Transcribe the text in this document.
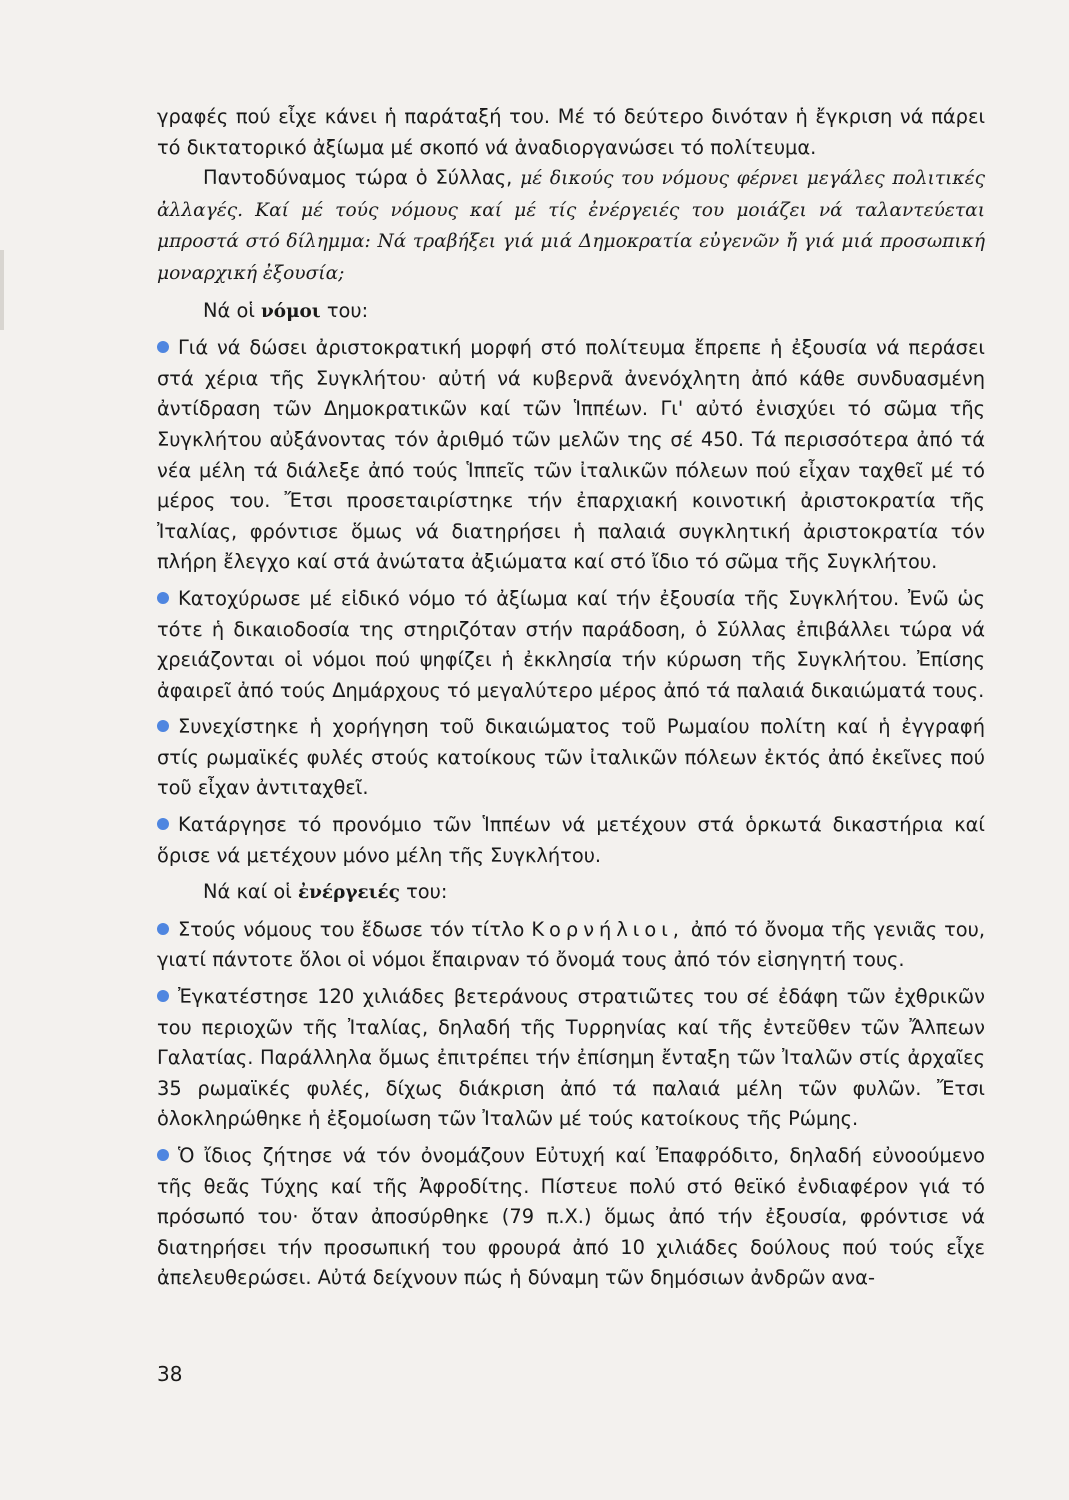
γραφές πού εἶχε κάνει ἡ παράταξή του. Μέ τό δεύτερο δινόταν ἡ ἔγκριση νά πάρει τό δικτατορικό ἀξίωμα μέ σκοπό νά ἀναδιοργανώσει τό πολίτευμα.

Παντοδύναμος τώρα ὁ Σύλλας, μέ δικούς του νόμους φέρνει μεγάλες πολιτικές ἀλλαγές. Καί μέ τούς νόμους καί μέ τίς ἐνέργειές του μοιάζει νά ταλαντεύεται μπροστά στό δίλημμα: Νά τραβήξει γιά μιά Δημοκρατία εὐγενῶν ἤ γιά μιά προσωπική μοναρχική ἐξουσία;

Νά οἱ νόμοι του:

Γιά νά δώσει ἀριστοκρατική μορφή στό πολίτευμα ἔπρεπε ἡ ἐξουσία νά περάσει στά χέρια τῆς Συγκλήτου· αὐτή νά κυβερνᾶ ἀνενόχλητη ἀπό κάθε συνδυασμένη ἀντίδραση τῶν Δημοκρατικῶν καί τῶν Ἱππέων. Γι' αὐτό ἐνισχύει τό σῶμα τῆς Συγκλήτου αὐξάνοντας τόν ἀριθμό τῶν μελῶν της σέ 450. Τά περισσότερα ἀπό τά νέα μέλη τά διάλεξε ἀπό τούς Ἱππεῖς τῶν ἰταλικῶν πόλεων πού εἶχαν ταχθεῖ μέ τό μέρος του. Ἔτσι προσεταιρίστηκε τήν ἐπαρχιακή κοινοτική ἀριστοκρατία τῆς Ἰταλίας, φρόντισε ὅμως νά διατηρήσει ἡ παλαιά συγκλητική ἀριστοκρατία τόν πλήρη ἔλεγχο καί στά ἀνώτατα ἀξιώματα καί στό ἴδιο τό σῶμα τῆς Συγκλήτου.

Κατοχύρωσε μέ εἰδικό νόμο τό ἀξίωμα καί τήν ἐξουσία τῆς Συγκλήτου. Ἐνῶ ὡς τότε ἡ δικαιοδοσία της στηριζόταν στήν παράδοση, ὁ Σύλλας ἐπιβάλλει τώρα νά χρειάζονται οἱ νόμοι πού ψηφίζει ἡ ἐκκλησία τήν κύρωση τῆς Συγκλήτου. Ἐπίσης ἀφαιρεῖ ἀπό τούς Δημάρχους τό μεγαλύτερο μέρος ἀπό τά παλαιά δικαιώματά τους.

Συνεχίστηκε ἡ χορήγηση τοῦ δικαιώματος τοῦ Ρωμαίου πολίτη καί ἡ ἐγγραφή στίς ρωμαϊκές φυλές στούς κατοίκους τῶν ἰταλικῶν πόλεων ἐκτός ἀπό ἐκεῖνες πού τοῦ εἶχαν ἀντιταχθεῖ.

Κατάργησε τό προνόμιο τῶν Ἱππέων νά μετέχουν στά ὁρκωτά δικαστήρια καί ὅρισε νά μετέχουν μόνο μέλη τῆς Συγκλήτου.

Νά καί οἱ ἐνέργειές του:

Στούς νόμους του ἔδωσε τόν τίτλο Κορνήλιοι, ἀπό τό ὄνομα τῆς γενιᾶς του, γιατί πάντοτε ὅλοι οἱ νόμοι ἔπαιρναν τό ὄνομά τους ἀπό τόν εἰσηγητή τους.

Ἐγκατέστησε 120 χιλιάδες βετεράνους στρατιῶτες του σέ ἐδάφη τῶν ἐχθρικῶν του περιοχῶν τῆς Ἰταλίας, δηλαδή τῆς Τυρρηνίας καί τῆς ἐντεῦθεν τῶν Ἄλπεων Γαλατίας. Παράλληλα ὅμως ἐπιτρέπει τήν ἐπίσημη ἔνταξη τῶν Ἰταλῶν στίς ἀρχαῖες 35 ρωμαϊκές φυλές, δίχως διάκριση ἀπό τά παλαιά μέλη τῶν φυλῶν. Ἔτσι ὁλοκληρώθηκε ἡ ἐξομοίωση τῶν Ἰταλῶν μέ τούς κατοίκους τῆς Ρώμης.

Ὁ ἴδιος ζήτησε νά τόν ὀνομάζουν Εὐτυχή καί Ἐπαφρόδιτο, δηλαδή εὐνοούμενο τῆς θεᾶς Τύχης καί τῆς Ἀφροδίτης. Πίστευε πολύ στό θεϊκό ἐνδιαφέρον γιά τό πρόσωπό του· ὅταν ἀποσύρθηκε (79 π.Χ.) ὅμως ἀπό τήν ἐξουσία, φρόντισε νά διατηρήσει τήν προσωπική του φρουρά ἀπό 10 χιλιάδες δούλους πού τούς εἶχε ἀπελευθερώσει. Αὐτά δείχνουν πώς ἡ δύναμη τῶν δημόσιων ἀνδρῶν ανα-

38
